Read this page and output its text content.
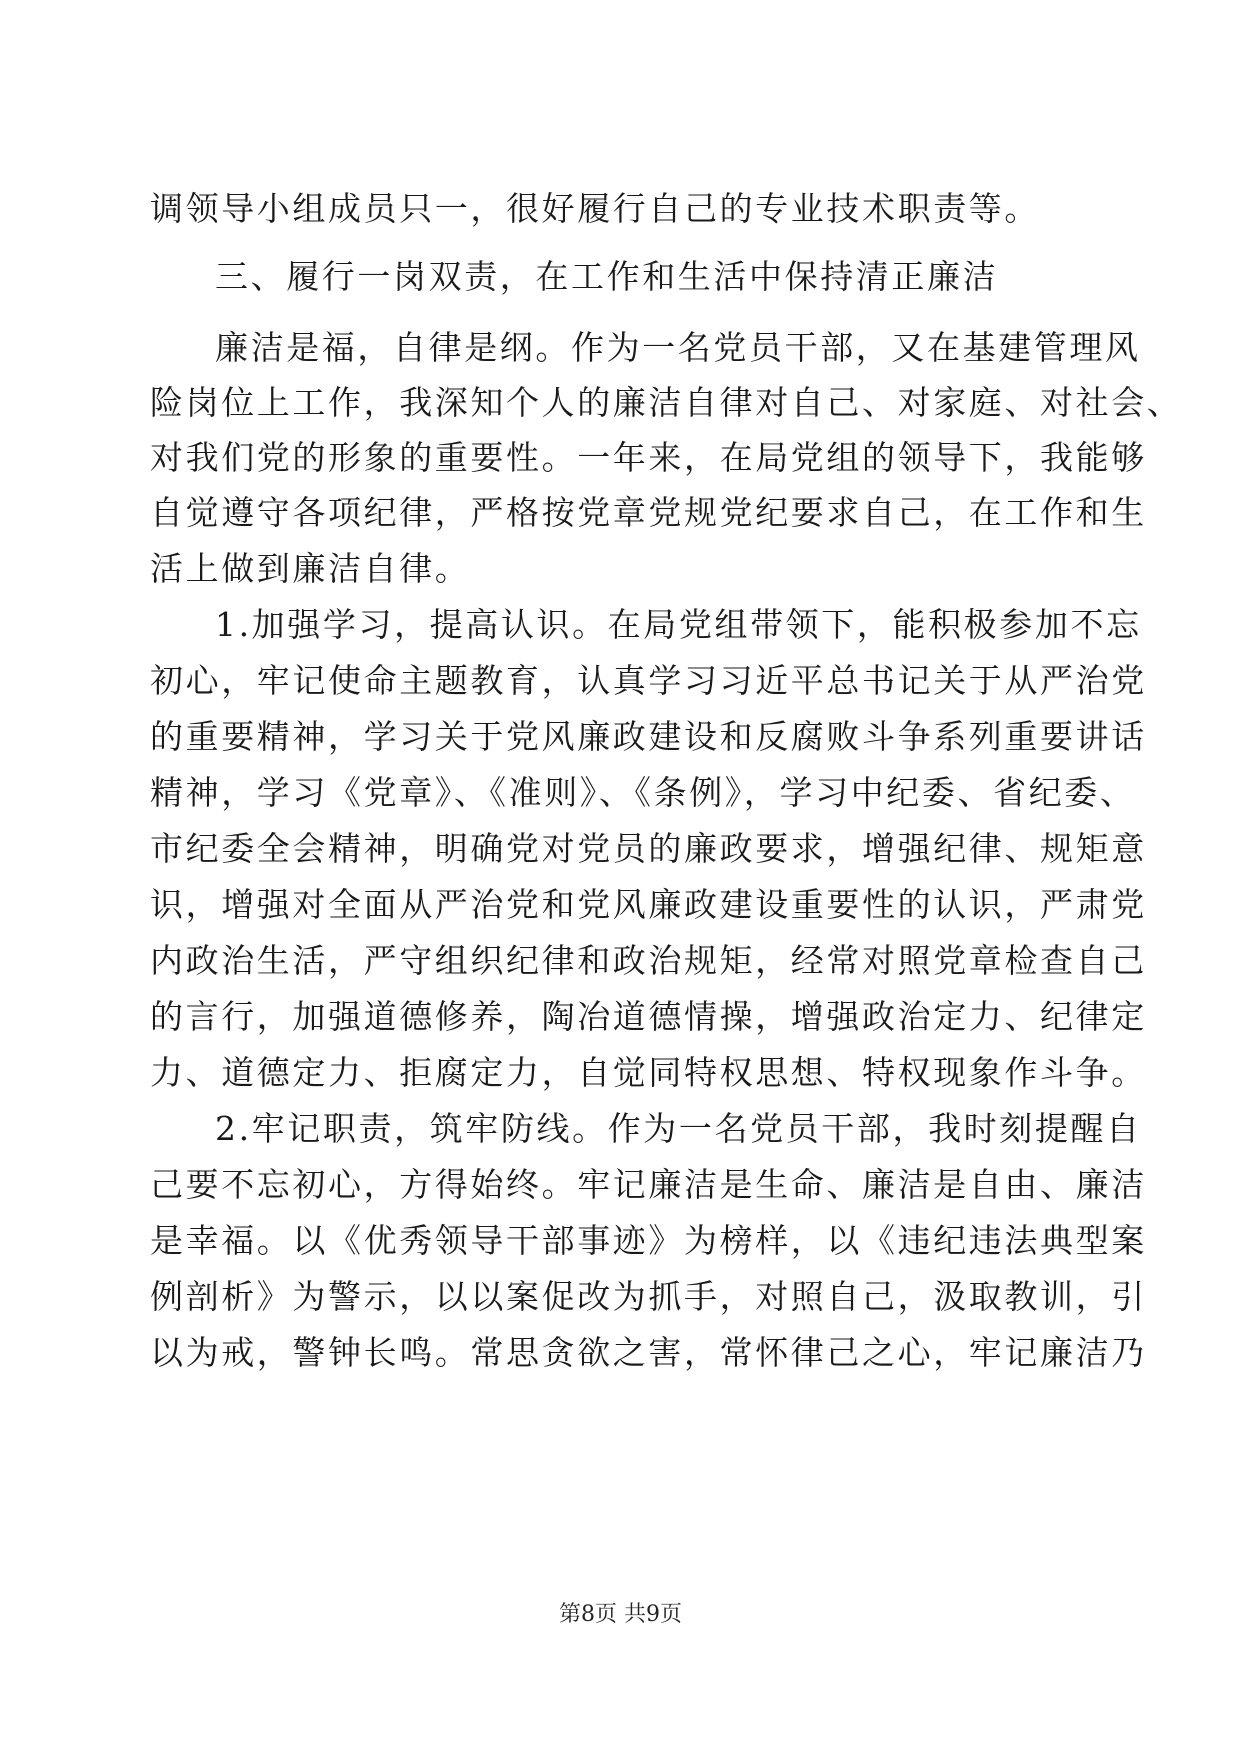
调领导小组成员只一，很好履行自己的专业技术职责等。
三、履行一岗双责，在工作和生活中保持清正廉洁
廉洁是福，自律是纲。作为一名党员干部，又在基建管理风
险岗位上工作，我深知个人的廉洁自律对自己、对家庭、对社会、
对我们党的形象的重要性。一年来，在局党组的领导下，我能够
自觉遵守各项纪律，严格按党章党规党纪要求自己，在工作和生
活上做到廉洁自律。
1.加强学习，提高认识。在局党组带领下，能积极参加不忘
初心，牢记使命主题教育，认真学习习近平总书记关于从严治党
的重要精神，学习关于党风廉政建设和反腐败斗争系列重要讲话
精神，学习《党章》、《准则》、《条例》，学习中纪委、省纪委、
市纪委全会精神，明确党对党员的廉政要求，增强纪律、规矩意
识，增强对全面从严治党和党风廉政建设重要性的认识，严肃党
内政治生活，严守组织纪律和政治规矩，经常对照党章检查自己
的言行，加强道德修养，陶冶道德情操，增强政治定力、纪律定
力、道德定力、拒腐定力，自觉同特权思想、特权现象作斗争。
2.牢记职责，筑牢防线。作为一名党员干部，我时刻提醒自
己要不忘初心，方得始终。牢记廉洁是生命、廉洁是自由、廉洁
是幸福。以《优秀领导干部事迹》为榜样，以《违纪违法典型案
例剖析》为警示，以以案促改为抓手，对照自己，汲取教训，引
以为戒，警钟长鸣。常思贪欲之害，常怀律己之心，牢记廉洁乃
第8页 共9页
